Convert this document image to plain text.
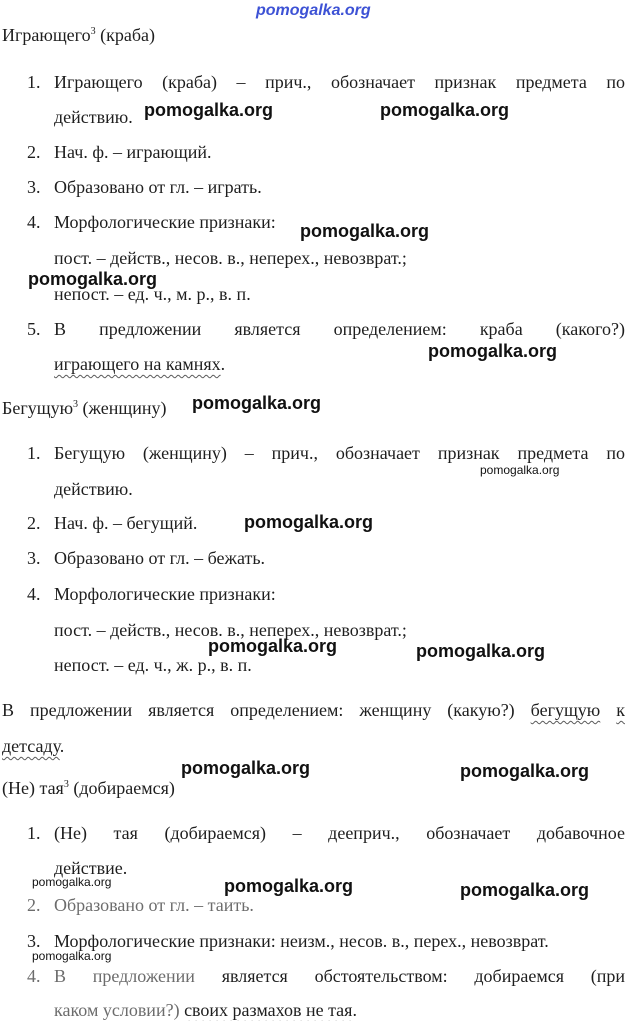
pomogalka.org
pomogalka.org	pomogalka.org
pomogalka.org
pomogalka.org
pomogalka.org
pomogalka.org
pomogalka.org
pomogalka.org
pomogalka.org	pomogalka.org
pomogalka.org	pomogalka.org
pomogalka.org	pomogalka.org	pomogalka.org
pomogalka.org
Играющего$^3$ (краба)
1. Играющего (краба) – прич., обозначает признак предмета по
действию.
2. Нач. ф. – играющий.
3. Образовано от гл. – играть.
4. Морфологические признаки:
пост. – действ., несов. в., неперех., невозврат.;
непост. – ед. ч., м. р., в. п.
5. В предложении является определением: краба (какого?)
играющего на камнях.
Бегущую$^3$ (женщину)
1. Бегущую (женщину) – прич., обозначает признак предмета по
действию.
2. Нач. ф. – бегущий.
3. Образовано от гл. – бежать.
4. Морфологические признаки:
пост. – действ., несов. в., неперех., невозврат.;
непост. – ед. ч., ж. р., в. п.
В предложении является определением: женщину (какую?) бегущую к
детсаду.
(Не) тая$^3$ (добираемся)
1. (Не) тая (добираемся) – дееприч., обозначает добавочное
действие.
2. Образовано от гл. – таить.
3. Морфологические признаки: неизм., несов. в., перех., невозврат.
4. В предложении является обстоятельством: добираемся (при
каком условии?) своих размахов не тая.
